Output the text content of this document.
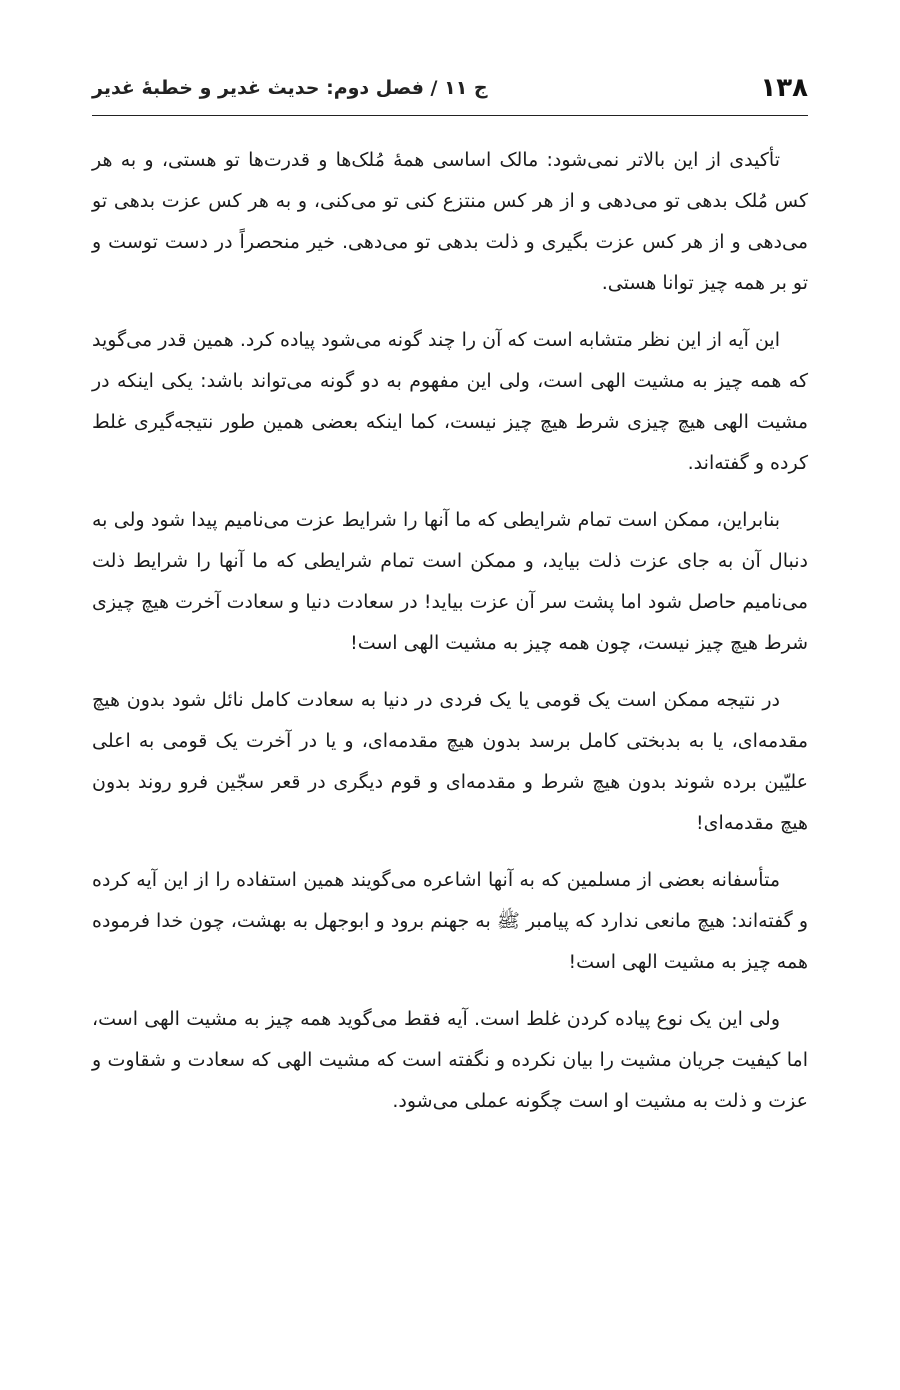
۱۳۸
ج ۱۱ / فصل دوم: حدیث غدیر و خطبهٔ غدیر

تأکیدی از این بالاتر نمی‌شود: مالک اساسی همهٔ مُلک‌ها و قدرت‌ها تو هستی، و به هر کس مُلک بدهی تو می‌دهی و از هر کس منتزع کنی تو می‌کنی، و به هر کس عزت بدهی تو می‌دهی و از هر کس عزت بگیری و ذلت بدهی تو می‌دهی. خیر منحصراً در دست توست و تو بر همه چیز توانا هستی.

این آیه از این نظر متشابه است که آن را چند گونه می‌شود پیاده کرد. همین قدر می‌گوید که همه چیز به مشیت الهی است، ولی این مفهوم به دو گونه می‌تواند باشد: یکی اینکه در مشیت الهی هیچ چیزی شرط هیچ چیز نیست، کما اینکه بعضی همین طور نتیجه‌گیری غلط کرده و گفته‌اند.

بنابراین، ممکن است تمام شرایطی که ما آنها را شرایط عزت می‌نامیم پیدا شود ولی به دنبال آن به جای عزت ذلت بیاید، و ممکن است تمام شرایطی که ما آنها را شرایط ذلت می‌نامیم حاصل شود اما پشت سر آن عزت بیاید! در سعادت دنیا و سعادت آخرت هیچ چیزی شرط هیچ چیز نیست، چون همه چیز به مشیت الهی است!

در نتیجه ممکن است یک قومی یا یک فردی در دنیا به سعادت کامل نائل شود بدون هیچ مقدمه‌ای، یا به بدبختی کامل برسد بدون هیچ مقدمه‌ای، و یا در آخرت یک قومی به اعلی علیّین برده شوند بدون هیچ شرط و مقدمه‌ای و قوم دیگری در قعر سجّین فرو روند بدون هیچ مقدمه‌ای!

متأسفانه بعضی از مسلمین که به آنها اشاعره می‌گویند همین استفاده را از این آیه کرده و گفته‌اند: هیچ مانعی ندارد که پیامبر ﷺ به جهنم برود و ابوجهل به بهشت، چون خدا فرموده همه چیز به مشیت الهی است!

ولی این یک نوع پیاده کردن غلط است. آیه فقط می‌گوید همه چیز به مشیت الهی است، اما کیفیت جریان مشیت را بیان نکرده و نگفته است که مشیت الهی که سعادت و شقاوت و عزت و ذلت به مشیت او است چگونه عملی می‌شود.
